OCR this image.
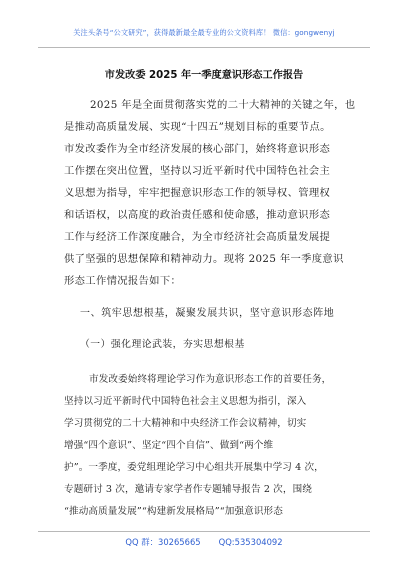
关注头条号“公文研究”，获得最新最全最专业的公文资料库！ 微信：gongwenyj
市发改委 2025 年一季度意识形态工作报告
2025 年是全面贯彻落实党的二十大精神的关键之年，也
是推动高质量发展、实现“十四五”规划目标的重要节点。
市发改委作为全市经济发展的核心部门，始终将意识形态
工作摆在突出位置，坚持以习近平新时代中国特色社会主
义思想为指导，牢牢把握意识形态工作的领导权、管理权
和话语权，以高度的政治责任感和使命感，推动意识形态
工作与经济工作深度融合，为全市经济社会高质量发展提
供了坚强的思想保障和精神动力。现将 2025 年一季度意识
形态工作情况报告如下：
一、筑牢思想根基，凝聚发展共识，坚守意识形态阵地
（一）强化理论武装，夯实思想根基
市发改委始终将理论学习作为意识形态工作的首要任务，
坚持以习近平新时代中国特色社会主义思想为指引，深入
学习贯彻党的二十大精神和中央经济工作会议精神，切实
增强“四个意识”、坚定“四个自信”、做到“两个维
护”。一季度，委党组理论学习中心组共开展集中学习 4 次，
专题研讨 3 次，邀请专家学者作专题辅导报告 2 次，围绕
“推动高质量发展”“构建新发展格局”“加强意识形态
QQ 群：30265665 QQ:535304092
